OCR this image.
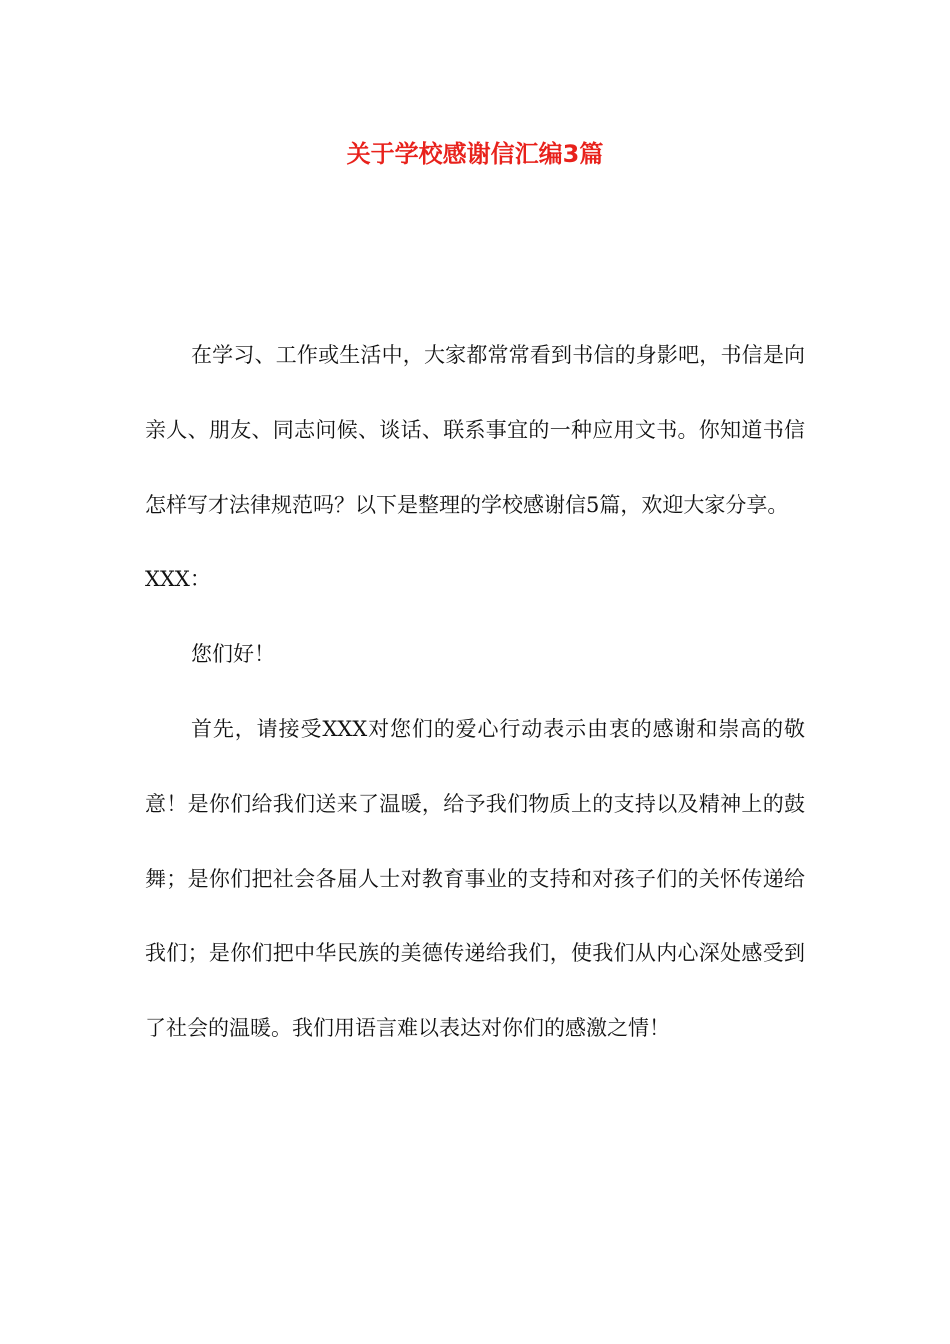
关于学校感谢信汇编3篇

在学习、工作或生活中，大家都常常看到书信的身影吧，书信是向亲人、朋友、同志问候、谈话、联系事宜的一种应用文书。你知道书信怎样写才法律规范吗？以下是整理的学校感谢信5篇，欢迎大家分享。

XXX：

您们好！

首先，请接受XXX对您们的爱心行动表示由衷的感谢和崇高的敬意！是你们给我们送来了温暖，给予我们物质上的支持以及精神上的鼓舞；是你们把社会各届人士对教育事业的支持和对孩子们的关怀传递给我们；是你们把中华民族的美德传递给我们，使我们从内心深处感受到了社会的温暖。我们用语言难以表达对你们的感激之情！
